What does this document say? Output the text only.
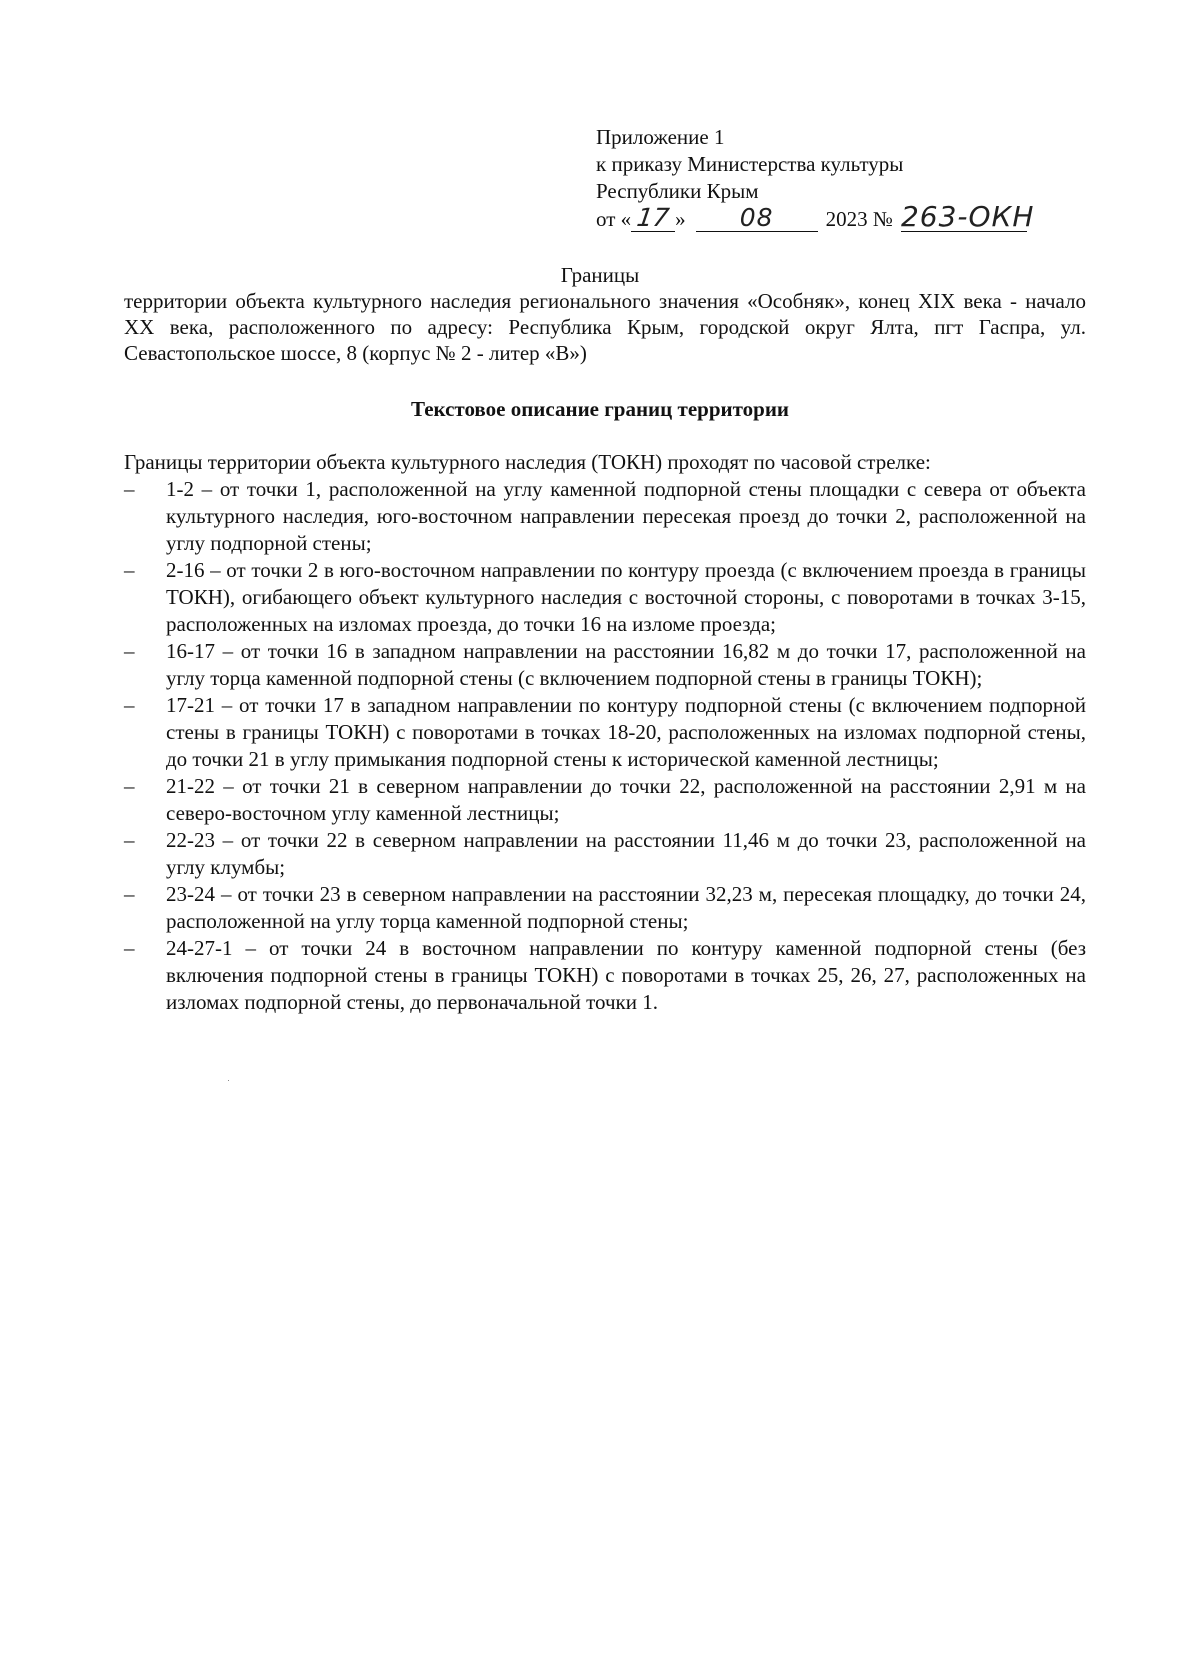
Приложение 1
к приказу Министерства культуры
Республики Крым
от « 17 » 08 2023 № 263-ОКН
Границы
территории объекта культурного наследия регионального значения «Особняк», конец XIX века - начало XX века, расположенного по адресу: Республика Крым, городской округ Ялта, пгт Гаспра, ул. Севастопольское шоссе, 8 (корпус № 2 - литер «В»)
Текстовое описание границ территории
Границы территории объекта культурного наследия (ТОКН) проходят по часовой стрелке:
–	1-2 – от точки 1, расположенной на углу каменной подпорной стены площадки с севера от объекта культурного наследия, юго-восточном направлении пересекая проезд до точки 2, расположенной на углу подпорной стены;
–	2-16 – от точки 2 в юго-восточном направлении по контуру проезда (с включением проезда в границы ТОКН), огибающего объект культурного наследия с восточной стороны, с поворотами в точках 3-15, расположенных на изломах проезда, до точки 16 на изломе проезда;
–	16-17 – от точки 16 в западном направлении на расстоянии 16,82 м до точки 17, расположенной на углу торца каменной подпорной стены (с включением подпорной стены в границы ТОКН);
–	17-21 – от точки 17 в западном направлении по контуру подпорной стены (с включением подпорной стены в границы ТОКН) с поворотами в точках 18-20, расположенных на изломах подпорной стены, до точки 21 в углу примыкания подпорной стены к исторической каменной лестницы;
–	21-22 – от точки 21 в северном направлении до точки 22, расположенной на расстоянии 2,91 м на северо-восточном углу каменной лестницы;
–	22-23 – от точки 22 в северном направлении на расстоянии 11,46 м до точки 23, расположенной на углу клумбы;
–	23-24 – от точки 23 в северном направлении на расстоянии 32,23 м, пересекая площадку, до точки 24, расположенной на углу торца каменной подпорной стены;
–	24-27-1 – от точки 24 в восточном направлении по контуру каменной подпорной стены (без включения подпорной стены в границы ТОКН) с поворотами в точках 25, 26, 27, расположенных на изломах подпорной стены, до первоначальной точки 1.
